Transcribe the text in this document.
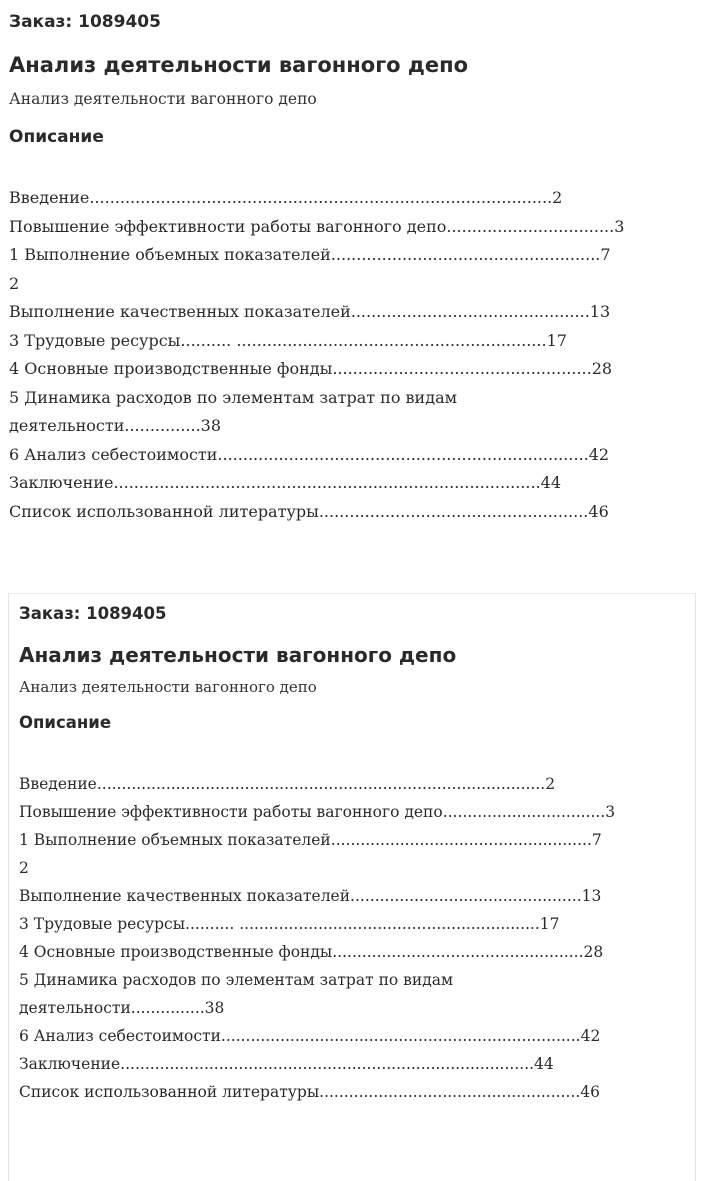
Заказ: 1089405

Анализ деятельности вагонного депо

Анализ деятельности вагонного депо

Описание
Введение...........................................................................................2
Повышение эффективности работы вагонного депо.................................3
1 Выполнение объемных показателей.....................................................7
2
Выполнение качественных показателей...............................................13
3 Трудовые ресурсы.......... .............................................................17
4 Основные производственные фонды...................................................28
5 Динамика расходов по элементам затрат по видам
деятельности...............38
6 Анализ себестоимости.........................................................................42
Заключение....................................................................................44
Список использованной литературы.....................................................46

Заказ: 1089405

Анализ деятельности вагонного депо

Анализ деятельности вагонного депо

Описание
Введение...........................................................................................2
Повышение эффективности работы вагонного депо.................................3
1 Выполнение объемных показателей.....................................................7
2
Выполнение качественных показателей...............................................13
3 Трудовые ресурсы.......... .............................................................17
4 Основные производственные фонды...................................................28
5 Динамика расходов по элементам затрат по видам
деятельности...............38
6 Анализ себестоимости.........................................................................42
Заключение....................................................................................44
Список использованной литературы.....................................................46
